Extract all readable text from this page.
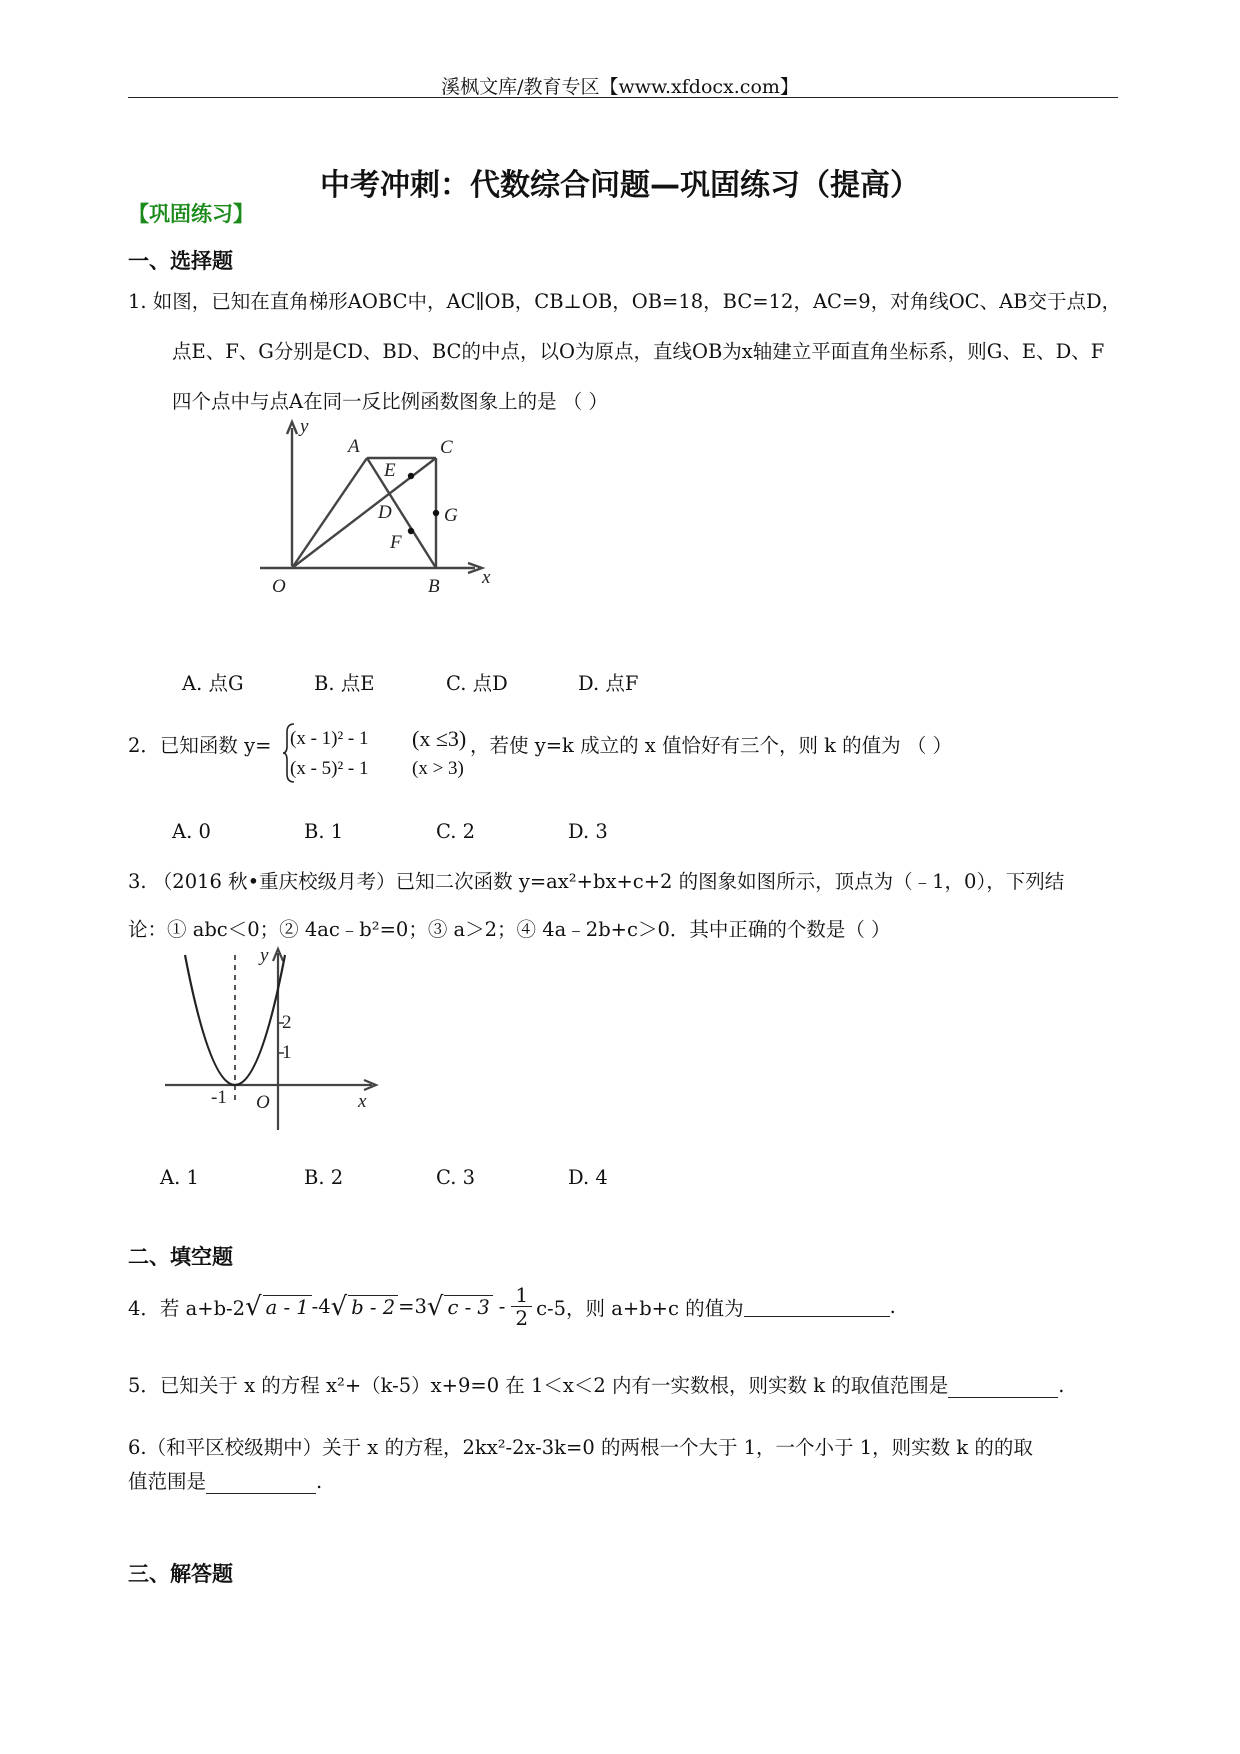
溪枫文库/教育专区【www.xfdocx.com】
中考冲刺：代数综合问题—巩固练习（提高）
【巩固练习】
一、选择题
1. 如图，已知在直角梯形AOBC中，AC∥OB，CB⊥OB，OB=18，BC=12，AC=9，对角线OC、AB交于点D，
点E、F、G分别是CD、BD、BC的中点，以O为原点，直线OB为x轴建立平面直角坐标系，则G、E、D、F
四个点中与点A在同一反比例函数图象上的是 （ ）
y
x
O
A	C
E
D	G
F
B
A. 点G	B. 点E	C. 点D	D. 点F
2．已知函数 y= (x - 1)² - 1 (x ≤3)
(x - 5)² - 1 (x > 3)
，若使 y=k 成立的 x 值恰好有三个，则 k 的值为 （ ）
A. 0	B. 1	C. 2	D. 3
3. （2016 秋•重庆校级月考）已知二次函数 y=ax²+bx+c+2 的图象如图所示，顶点为（﹣1，0），下列结
论：① abc＜0；② 4ac﹣b²=0；③ a＞2；④ 4a﹣2b+c＞0．其中正确的个数是（ ）
y
x
O
-1
1
2
A. 1	B. 2	C. 3	D. 4
二、填空题
4．若 a+b-2 √ a - 1 -4 √ b - 2 =3 √ c - $3 - \frac{1}{2} c-5$，则 a+b+c 的值为	.
5．已知关于 x 的方程 x²+（k-5）x+9=0 在 1＜x＜2 内有一实数根，则实数 k 的取值范围是	.
6.（和平区校级期中）关于 x 的方程，2kx²-2x-3k=0 的两根一个大于 1，一个小于 1，则实数 k 的的取
值范围是	.
三、解答题
